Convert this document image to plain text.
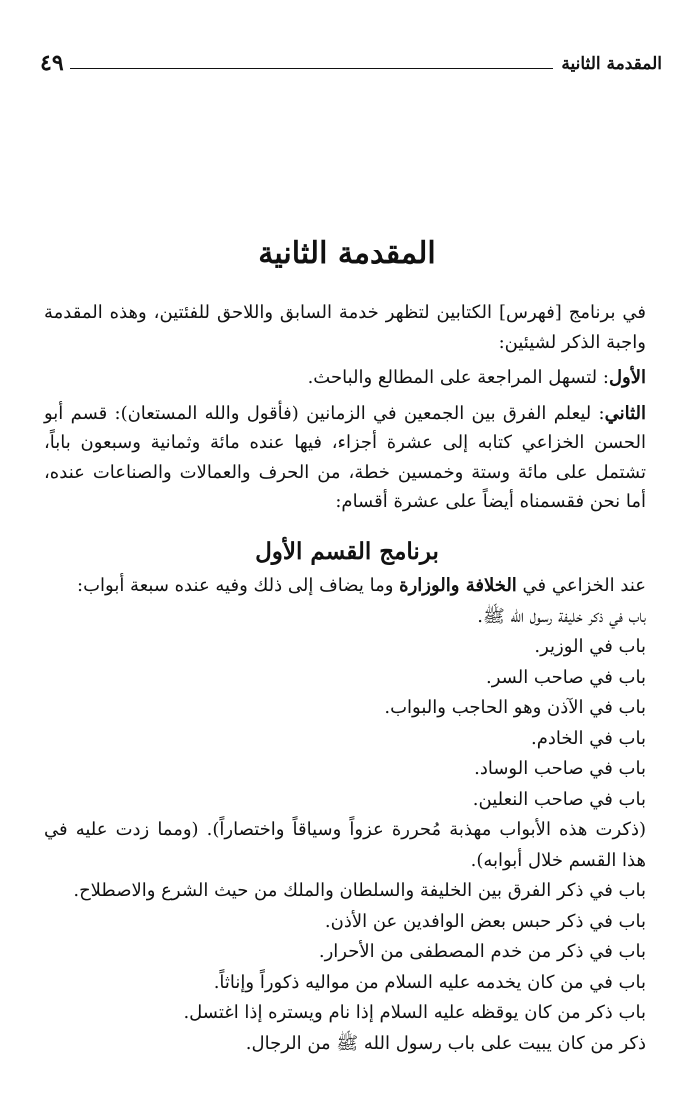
المقدمة الثانية
٤٩
المقدمة الثانية

في برنامج [فهرس] الكتابين لتظهر خدمة السابق واللاحق للفئتين، وهذه المقدمة واجبة الذكر لشيئين:

الأول: لتسهل المراجعة على المطالع والباحث.

الثاني: ليعلم الفرق بين الجمعين في الزمانين (فأقول والله المستعان): قسم أبو الحسن الخزاعي كتابه إلى عشرة أجزاء، فيها عنده مائة وثمانية وسبعون باباً، تشتمل على مائة وستة وخمسين خطة، من الحرف والعمالات والصناعات عنده، أما نحن فقسمناه أيضاً على عشرة أقسام:

برنامج القسم الأول

عند الخزاعي في الخلافة والوزارة وما يضاف إلى ذلك وفيه عنده سبعة أبواب:

باب في ذكر خليفة رسول الله ﷺ.

باب في الوزير.

باب في صاحب السر.

باب في الآذن وهو الحاجب والبواب.

باب في الخادم.

باب في صاحب الوساد.

باب في صاحب النعلين.

(ذكرت هذه الأبواب مهذبة مُحررة عزواً وسياقاً واختصاراً). (ومما زدت عليه في هذا القسم خلال أبوابه).

باب في ذكر الفرق بين الخليفة والسلطان والملك من حيث الشرع والاصطلاح.

باب في ذكر حبس بعض الوافدين عن الأذن.

باب في ذكر من خدم المصطفى من الأحرار.

باب في من كان يخدمه عليه السلام من مواليه ذكوراً وإناثاً.

باب ذكر من كان يوقظه عليه السلام إذا نام ويستره إذا اغتسل.

ذكر من كان يبيت على باب رسول الله ﷺ من الرجال.
